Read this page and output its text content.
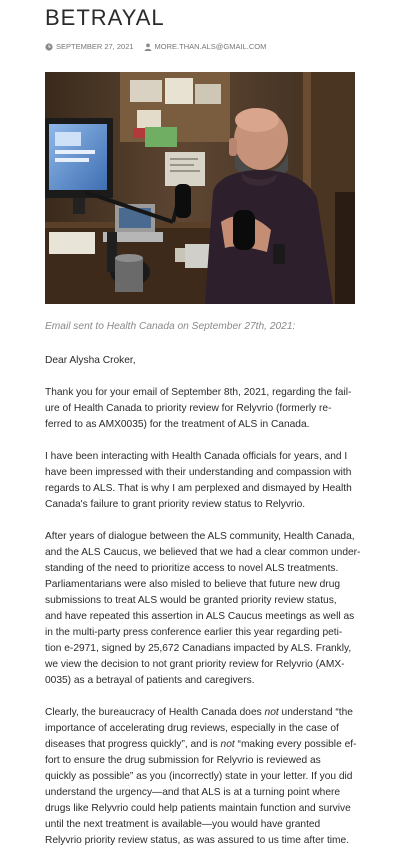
BETRAYAL
SEPTEMBER 27, 2021	MORE.THAN.ALS@GMAIL.COM
Email sent to Health Canada on September 27th, 2021:

Dear Alysha Croker,

Thank you for your email of September 8th, 2021, regarding the fail-
ure of Health Canada to priority review for Relyvrio (formerly re-
ferred to as AMX0035) for the treatment of ALS in Canada.

I have been interacting with Health Canada officials for years, and I
have been impressed with their understanding and compassion with
regards to ALS. That is why I am perplexed and dismayed by Health
Canada's failure to grant priority review status to Relyvrio.

After years of dialogue between the ALS community, Health Canada,
and the ALS Caucus, we believed that we had a clear common under-
standing of the need to prioritize access to novel ALS treatments.
Parliamentarians were also misled to believe that future new drug
submissions to treat ALS would be granted priority review status,
and have repeated this assertion in ALS Caucus meetings as well as
in the multi-party press conference earlier this year regarding peti-
tion e-2971, signed by 25,672 Canadians impacted by ALS. Frankly,
we view the decision to not grant priority review for Relyvrio (AMX-
0035) as a betrayal of patients and caregivers.

Clearly, the bureaucracy of Health Canada does not understand “the
importance of accelerating drug reviews, especially in the case of
diseases that progress quickly”, and is not “making every possible ef-
fort to ensure the drug submission for Relyvrio is reviewed as
quickly as possible” as you (incorrectly) state in your letter. If you did
understand the urgency—and that ALS is at a turning point where
drugs like Relyvrio could help patients maintain function and survive
until the next treatment is available—you would have granted
Relyvrio priority review status, as was assured to us time after time.
